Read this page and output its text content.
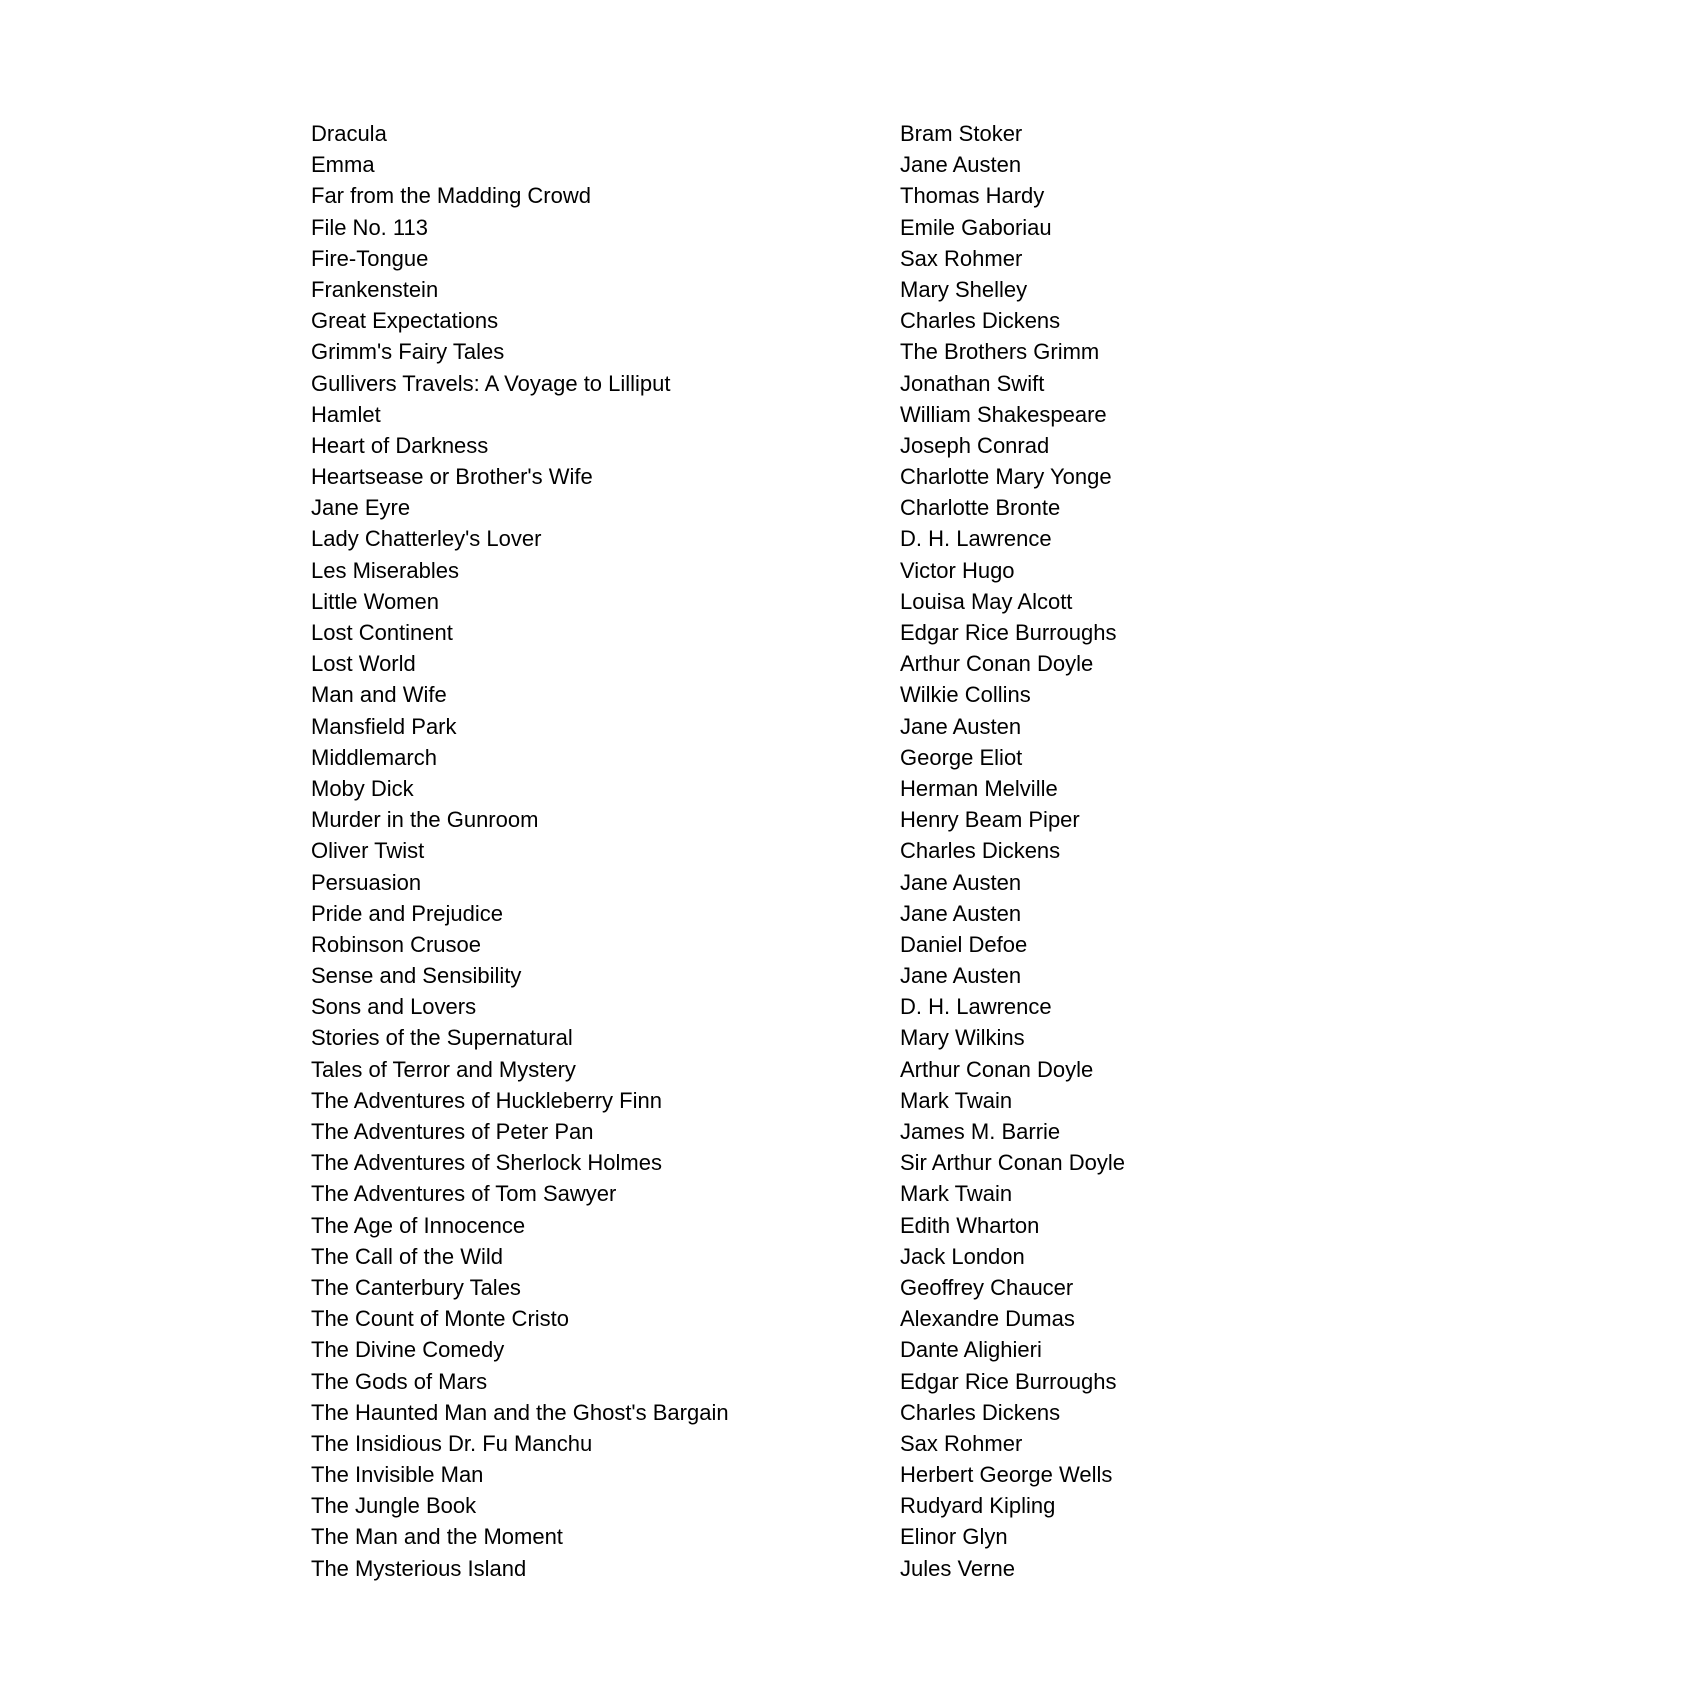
Dracula	Bram Stoker
Emma	Jane Austen
Far from the Madding Crowd	Thomas Hardy
File No. 113	Emile Gaboriau
Fire-Tongue	Sax Rohmer
Frankenstein	Mary Shelley
Great Expectations	Charles Dickens
Grimm's Fairy Tales	The Brothers Grimm
Gullivers Travels: A Voyage to Lilliput	Jonathan Swift
Hamlet	William Shakespeare
Heart of Darkness	Joseph Conrad
Heartsease or Brother's Wife	Charlotte Mary Yonge
Jane Eyre	Charlotte Bronte
Lady Chatterley's Lover	D. H. Lawrence
Les Miserables	Victor Hugo
Little Women	Louisa May Alcott
Lost Continent	Edgar Rice Burroughs
Lost World	Arthur Conan Doyle
Man and Wife	Wilkie Collins
Mansfield Park	Jane Austen
Middlemarch	George Eliot
Moby Dick	Herman Melville
Murder in the Gunroom	Henry Beam Piper
Oliver Twist	Charles Dickens
Persuasion	Jane Austen
Pride and Prejudice	Jane Austen
Robinson Crusoe	Daniel Defoe
Sense and Sensibility	Jane Austen
Sons and Lovers	D. H. Lawrence
Stories of the Supernatural	Mary Wilkins
Tales of Terror and Mystery	Arthur Conan Doyle
The Adventures of Huckleberry Finn	Mark Twain
The Adventures of Peter Pan	James M. Barrie
The Adventures of Sherlock Holmes	Sir Arthur Conan Doyle
The Adventures of Tom Sawyer	Mark Twain
The Age of Innocence	Edith Wharton
The Call of the Wild	Jack London
The Canterbury Tales	Geoffrey Chaucer
The Count of Monte Cristo	Alexandre Dumas
The Divine Comedy	Dante Alighieri
The Gods of Mars	Edgar Rice Burroughs
The Haunted Man and the Ghost's Bargain	Charles Dickens
The Insidious Dr. Fu Manchu	Sax Rohmer
The Invisible Man	Herbert George Wells
The Jungle Book	Rudyard Kipling
The Man and the Moment	Elinor Glyn
The Mysterious Island	Jules Verne
